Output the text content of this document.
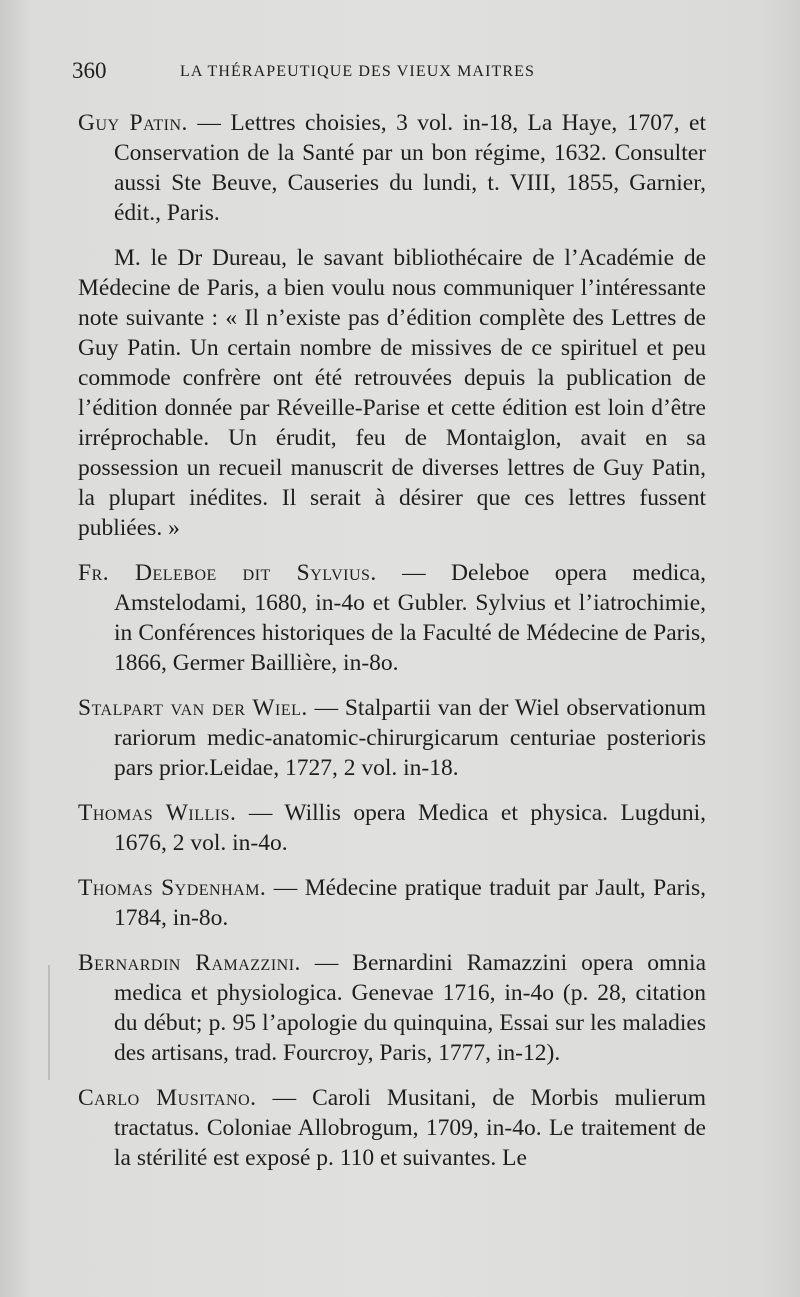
360	LA THÉRAPEUTIQUE DES VIEUX MAITRES

Guy Patin. — Lettres choisies, 3 vol. in-18, La Haye, 1707, et Conservation de la Santé par un bon régime, 1632. Consulter aussi Ste Beuve, Causeries du lundi, t. VIII, 1855, Garnier, édit., Paris.

M. le Dr Dureau, le savant bibliothécaire de l’Académie de Médecine de Paris, a bien voulu nous communiquer l’intéressante note suivante : « Il n’existe pas d’édition complète des Lettres de Guy Patin. Un certain nombre de missives de ce spirituel et peu commode confrère ont été retrouvées depuis la publication de l’édition donnée par Réveille-Parise et cette édition est loin d’être irréprochable. Un érudit, feu de Montaiglon, avait en sa possession un recueil manuscrit de diverses lettres de Guy Patin, la plupart inédites. Il serait à désirer que ces lettres fussent publiées. »

Fr. Deleboe dit Sylvius. — Deleboe opera medica, Amstelodami, 1680, in-4o et Gubler. Sylvius et l’iatrochimie, in Conférences historiques de la Faculté de Médecine de Paris, 1866, Germer Baillière, in-8o.

Stalpart van der Wiel. — Stalpartii van der Wiel observationum rariorum medic-anatomic-chirurgicarum centuriae posterioris pars prior.Leidae, 1727, 2 vol. in-18.

Thomas Willis. — Willis opera Medica et physica. Lugduni, 1676, 2 vol. in-4o.

Thomas Sydenham. — Médecine pratique traduit par Jault, Paris, 1784, in-8o.

Bernardin Ramazzini. — Bernardini Ramazzini opera omnia medica et physiologica. Genevae 1716, in-4o (p. 28, citation du début; p. 95 l’apologie du quinquina, Essai sur les maladies des artisans, trad. Fourcroy, Paris, 1777, in-12).

Carlo Musitano. — Caroli Musitani, de Morbis mulierum tractatus. Coloniae Allobrogum, 1709, in-4o. Le traitement de la stérilité est exposé p. 110 et suivantes. Le
